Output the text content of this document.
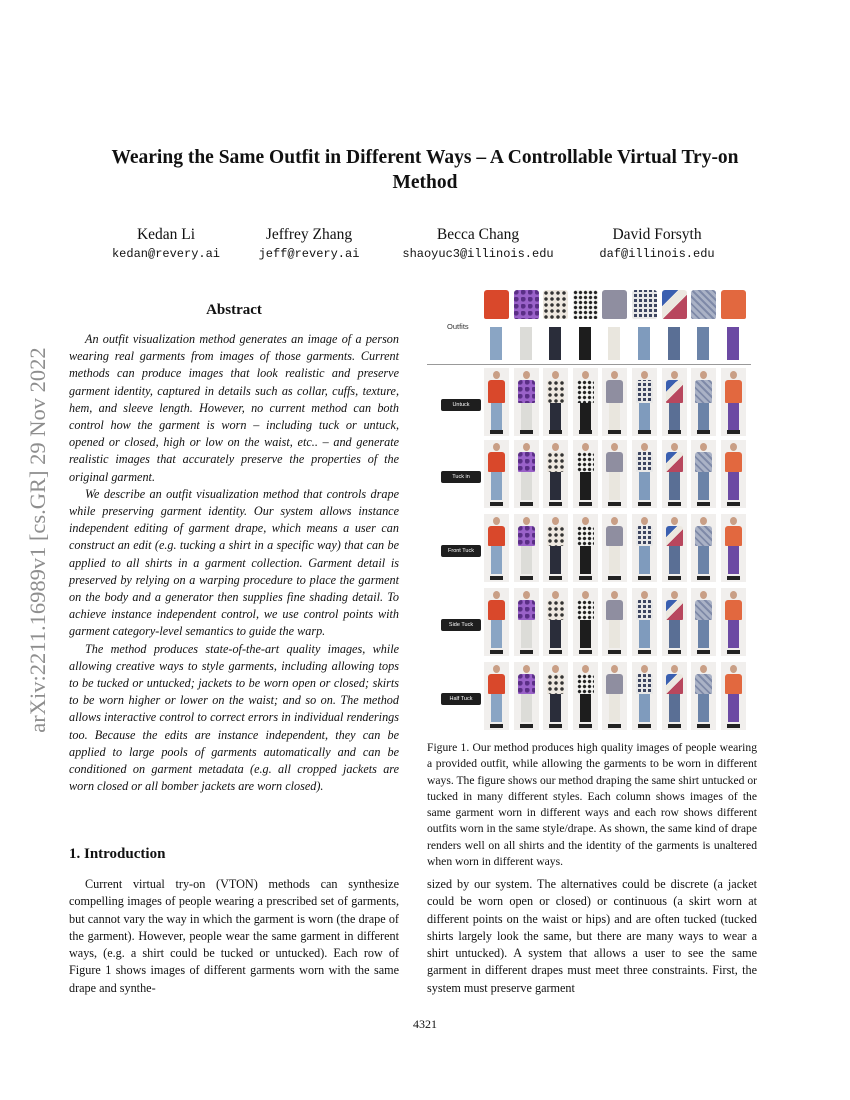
Wearing the Same Outfit in Different Ways – A Controllable Virtual Try-on Method
Kedan Li
kedan@revery.ai
Jeffrey Zhang
jeff@revery.ai
Becca Chang
shaoyuc3@illinois.edu
David Forsyth
daf@illinois.edu
arXiv:2211.16989v1 [cs.GR] 29 Nov 2022
Abstract

An outfit visualization method generates an image of a person wearing real garments from images of those garments. Current methods can produce images that look realistic and preserve garment identity, captured in details such as collar, cuffs, texture, hem, and sleeve length. However, no current method can both control how the garment is worn – including tuck or untuck, opened or closed, high or low on the waist, etc.. – and generate realistic images that accurately preserve the properties of the original garment.

We describe an outfit visualization method that controls drape while preserving garment identity. Our system allows instance independent editing of garment drape, which means a user can construct an edit (e.g. tucking a shirt in a specific way) that can be applied to all shirts in a garment collection. Garment detail is preserved by relying on a warping procedure to place the garment on the body and a generator then supplies fine shading detail. To achieve instance independent control, we use control points with garment category-level semantics to guide the warp.

The method produces state-of-the-art quality images, while allowing creative ways to style garments, including allowing tops to be tucked or untucked; jackets to be worn open or closed; skirts to be worn higher or lower on the waist; and so on. The method allows interactive control to correct errors in individual renderings too. Because the edits are instance independent, they can be applied to large pools of garments automatically and can be conditioned on garment metadata (e.g. all cropped jackets are worn closed or all bomber jackets are worn closed).

1. Introduction

Current virtual try-on (VTON) methods can synthesize compelling images of people wearing a prescribed set of garments, but cannot vary the way in which the garment is worn (the drape of the garment). However, people wear the same garment in different ways, (e.g. a shirt could be tucked or untucked). Each row of Figure 1 shows images of different garments worn with the same drape and synthe-

sized by our system. The alternatives could be discrete (a jacket could be worn open or closed) or continuous (a skirt worn at different points on the waist or hips) and are often tucked (tucked shirts largely look the same, but there are many ways to wear a shirt untucked). A system that allows a user to see the same garment in different drapes must meet three constraints. First, the system must preserve garment

Outfits
Untuck
Tuck in
Front Tuck
Side Tuck
Half Tuck

Figure 1. Our method produces high quality images of people wearing a provided outfit, while allowing the garments to be worn in different ways. The figure shows our method draping the same shirt untucked or tucked in many different styles. Each column shows images of the same garment worn in different ways and each row shows different outfits worn in the same style/drape. As shown, the same kind of drape renders well on all shirts and the identity of the garments is unaltered when worn in different ways.

4321
